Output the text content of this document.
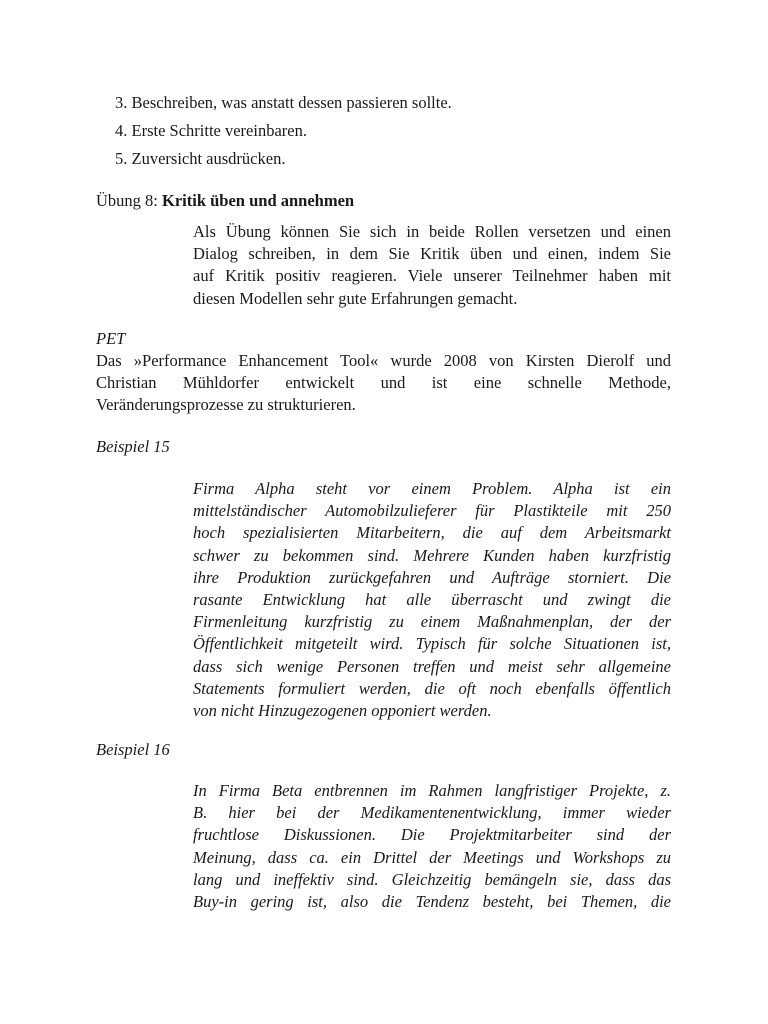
3. Beschreiben, was anstatt dessen passieren sollte.
4. Erste Schritte vereinbaren.
5. Zuversicht ausdrücken.
Übung 8: Kritik üben und annehmen
Als Übung können Sie sich in beide Rollen versetzen und einen
Dialog schreiben, in dem Sie Kritik üben und einen, indem Sie
auf Kritik positiv reagieren. Viele unserer Teilnehmer haben mit
diesen Modellen sehr gute Erfahrungen gemacht.
PET
Das »Performance Enhancement Tool« wurde 2008 von Kirsten Dierolf und
Christian Mühldorfer entwickelt und ist eine schnelle Methode,
Veränderungsprozesse zu strukturieren.
Beispiel 15
Firma Alpha steht vor einem Problem. Alpha ist ein
mittelständischer Automobilzulieferer für Plastikteile mit 250
hoch spezialisierten Mitarbeitern, die auf dem Arbeitsmarkt
schwer zu bekommen sind. Mehrere Kunden haben kurzfristig
ihre Produktion zurückgefahren und Aufträge storniert. Die
rasante Entwicklung hat alle überrascht und zwingt die
Firmenleitung kurzfristig zu einem Maßnahmenplan, der der
Öffentlichkeit mitgeteilt wird. Typisch für solche Situationen ist,
dass sich wenige Personen treffen und meist sehr allgemeine
Statements formuliert werden, die oft noch ebenfalls öffentlich
von nicht Hinzugezogenen opponiert werden.
Beispiel 16
In Firma Beta entbrennen im Rahmen langfristiger Projekte, z.
B. hier bei der Medikamentenentwicklung, immer wieder
fruchtlose Diskussionen. Die Projektmitarbeiter sind der
Meinung, dass ca. ein Drittel der Meetings und Workshops zu
lang und ineffektiv sind. Gleichzeitig bemängeln sie, dass das
Buy-in gering ist, also die Tendenz besteht, bei Themen, die
